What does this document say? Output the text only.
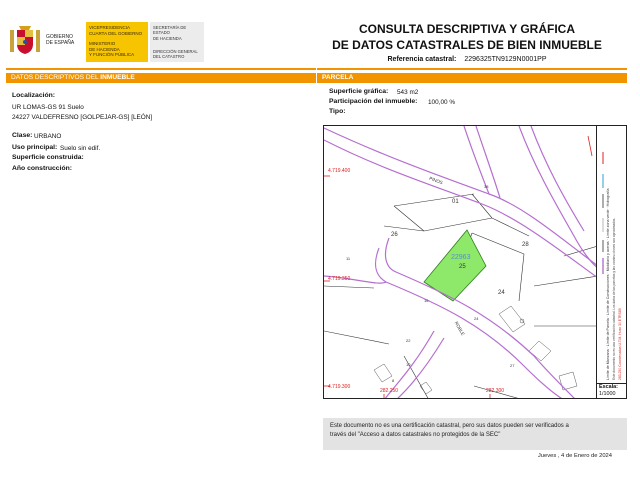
GOBIERNO
DE ESPAÑA
VICEPRESIDENCIA
CUARTA DEL GOBIERNO
MINISTERIO
DE HACIENDA
Y FUNCIÓN PÚBLICA
SECRETARÍA DE ESTADO
DE HACIENDA
DIRECCIÓN GENERAL
DEL CATASTRO
CONSULTA DESCRIPTIVA Y GRÁFICA
DE DATOS CATASTRALES DE BIEN INMUEBLE
Referencia catastral: 2296325TN9129N0001PP
DATOS DESCRIPTIVOS DEL INMUEBLE
Localización:
UR LOMAS-GS 91 Suelo
24227 VALDEFRESNO [GOLPEJAR-GS] [LEÓN]
Clase: URBANO
Uso principal: Suelo sin edif.
Superficie construida:
Año construcción:
PARCELA
Superficie gráfica: 543 m2
Participación del inmueble: 100,00 %
Tipo:
4.719.400
4.719.350
4.719.300
282.250	282.300
22963
25
01
26
28
24
PINOS
ROBLE
38
16
24
22
10
8
27
11
Límite de Manzana · Límite de Parcela · Límite de Construcciones · Mobiliario y aceras · Límite zona verde · Hidrografía
Este documento no es una certificación catastral. Los datos de las parcelas y las construcciones son aproximados. 283.250 Coordenadas U.T.M. Huso 30 ETRS89
Escala:
1/1000
Este documento no es una certificación catastral, pero sus datos pueden ser verificados a
través del "Acceso a datos catastrales no protegidos de la SEC"
Jueves , 4 de Enero de 2024
